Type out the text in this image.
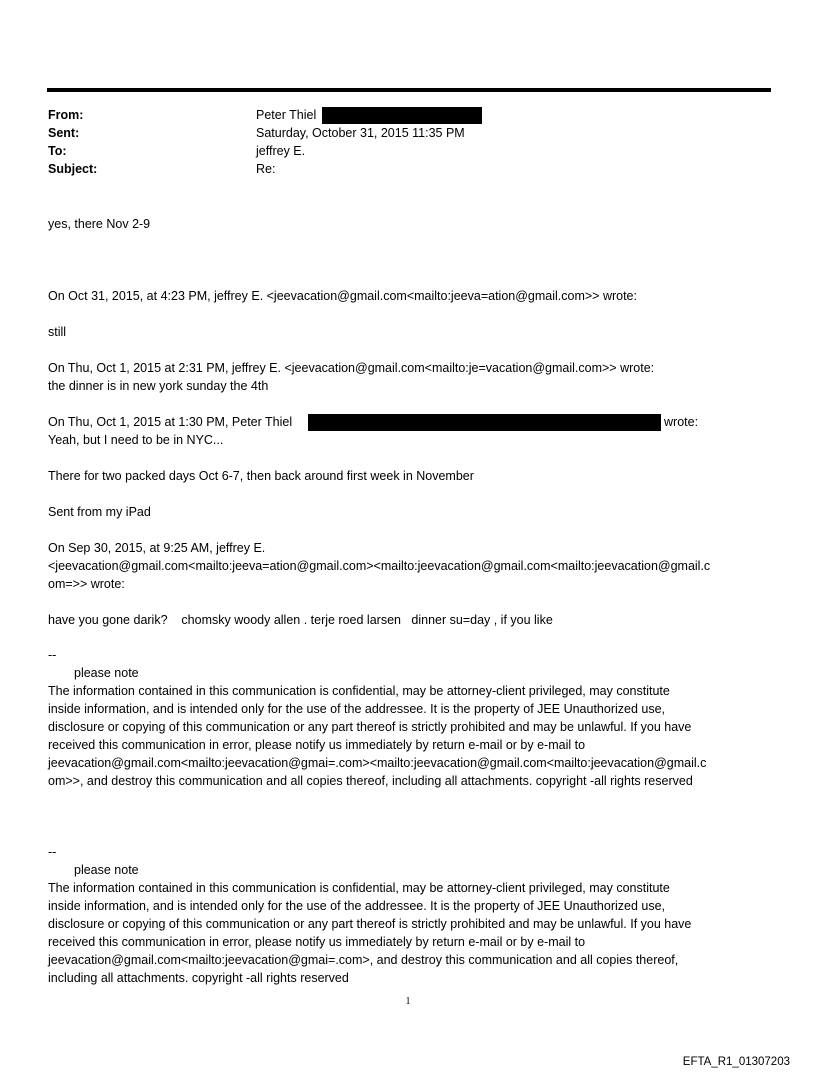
From:	Peter Thiel
Sent:	Saturday, October 31, 2015 11:35 PM
To:	jeffrey E.
Subject:	Re:
yes, there Nov 2-9
On Oct 31, 2015, at 4:23 PM, jeffrey E. <jeevacation@gmail.com<mailto:jeeva=ation@gmail.com>> wrote:
still
On Thu, Oct 1, 2015 at 2:31 PM, jeffrey E. <jeevacation@gmail.com<mailto:je=vacation@gmail.com>> wrote:
the dinner is in new york sunday the 4th
On Thu, Oct 1, 2015 at 1:30 PM, Peter Thiel	wrote:
Yeah, but I need to be in NYC...
There for two packed days Oct 6-7, then back around first week in November
Sent from my iPad
On Sep 30, 2015, at 9:25 AM, jeffrey E.
<jeevacation@gmail.com<mailto:jeeva=ation@gmail.com><mailto:jeevacation@gmail.com<mailto:jeevacation@gmail.c
om=>> wrote:
have you gone darik?    chomsky woody allen . terje roed larsen   dinner su=day , if you like
--
please note
The information contained in this communication is confidential, may be attorney-client privileged, may constitute
inside information, and is intended only for the use of the addressee. It is the property of JEE Unauthorized use,
disclosure or copying of this communication or any part thereof is strictly prohibited and may be unlawful. If you have
received this communication in error, please notify us immediately by return e-mail or by e-mail to
jeevacation@gmail.com<mailto:jeevacation@gmai=.com><mailto:jeevacation@gmail.com<mailto:jeevacation@gmail.c
om>>, and destroy this communication and all copies thereof, including all attachments. copyright -all rights reserved
--
please note
The information contained in this communication is confidential, may be attorney-client privileged, may constitute
inside information, and is intended only for the use of the addressee. It is the property of JEE Unauthorized use,
disclosure or copying of this communication or any part thereof is strictly prohibited and may be unlawful. If you have
received this communication in error, please notify us immediately by return e-mail or by e-mail to
jeevacation@gmail.com<mailto:jeevacation@gmai=.com>, and destroy this communication and all copies thereof,
including all attachments. copyright -all rights reserved
1
EFTA_R1_01307203
